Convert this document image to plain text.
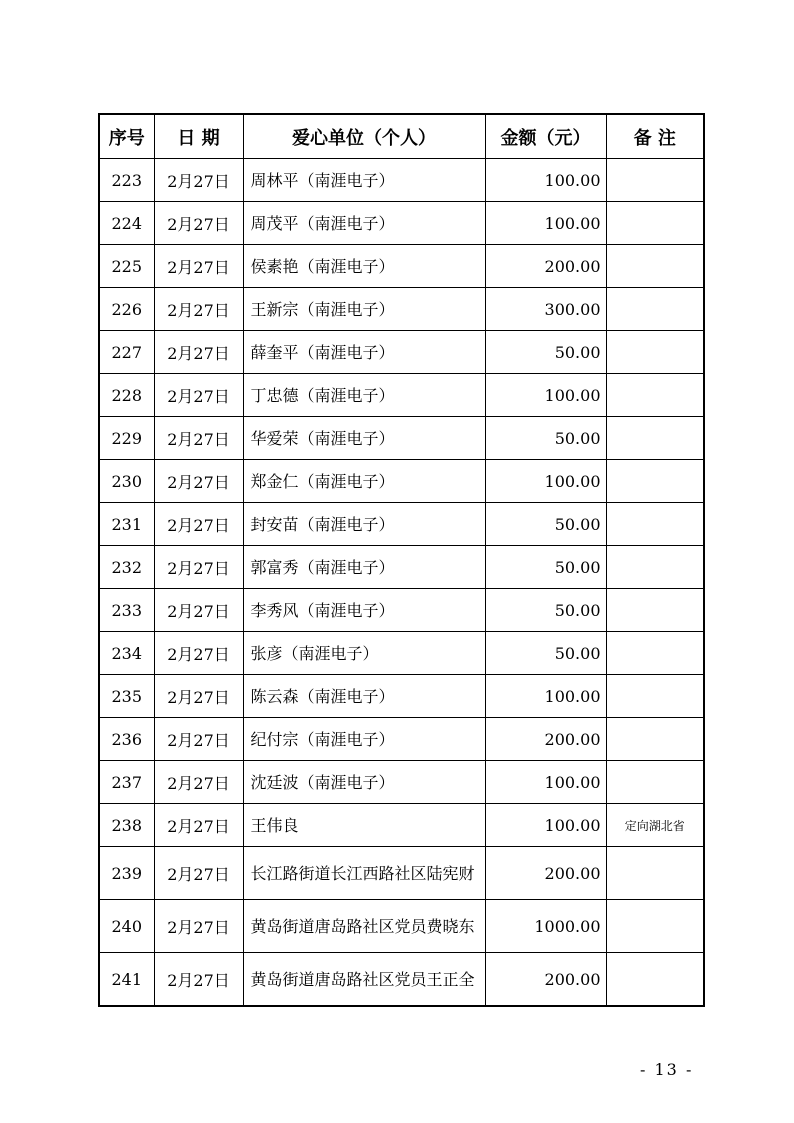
序号	日 期	爱心单位（个人）	金额（元）	备 注
223	2月27日	周林平（南涯电子）	100.00	
224	2月27日	周茂平（南涯电子）	100.00	
225	2月27日	侯素艳（南涯电子）	200.00	
226	2月27日	王新宗（南涯电子）	300.00	
227	2月27日	薛奎平（南涯电子）	50.00	
228	2月27日	丁忠德（南涯电子）	100.00	
229	2月27日	华爱荣（南涯电子）	50.00	
230	2月27日	郑金仁（南涯电子）	100.00	
231	2月27日	封安苗（南涯电子）	50.00	
232	2月27日	郭富秀（南涯电子）	50.00	
233	2月27日	李秀风（南涯电子）	50.00	
234	2月27日	张彦（南涯电子）	50.00	
235	2月27日	陈云森（南涯电子）	100.00	
236	2月27日	纪付宗（南涯电子）	200.00	
237	2月27日	沈廷波（南涯电子）	100.00	
238	2月27日	王伟良	100.00	定向湖北省
239	2月27日	长江路街道长江西路社区陆宪财	200.00	
240	2月27日	黄岛街道唐岛路社区党员费晓东	1000.00	
241	2月27日	黄岛街道唐岛路社区党员王正全	200.00	
- 13 -
